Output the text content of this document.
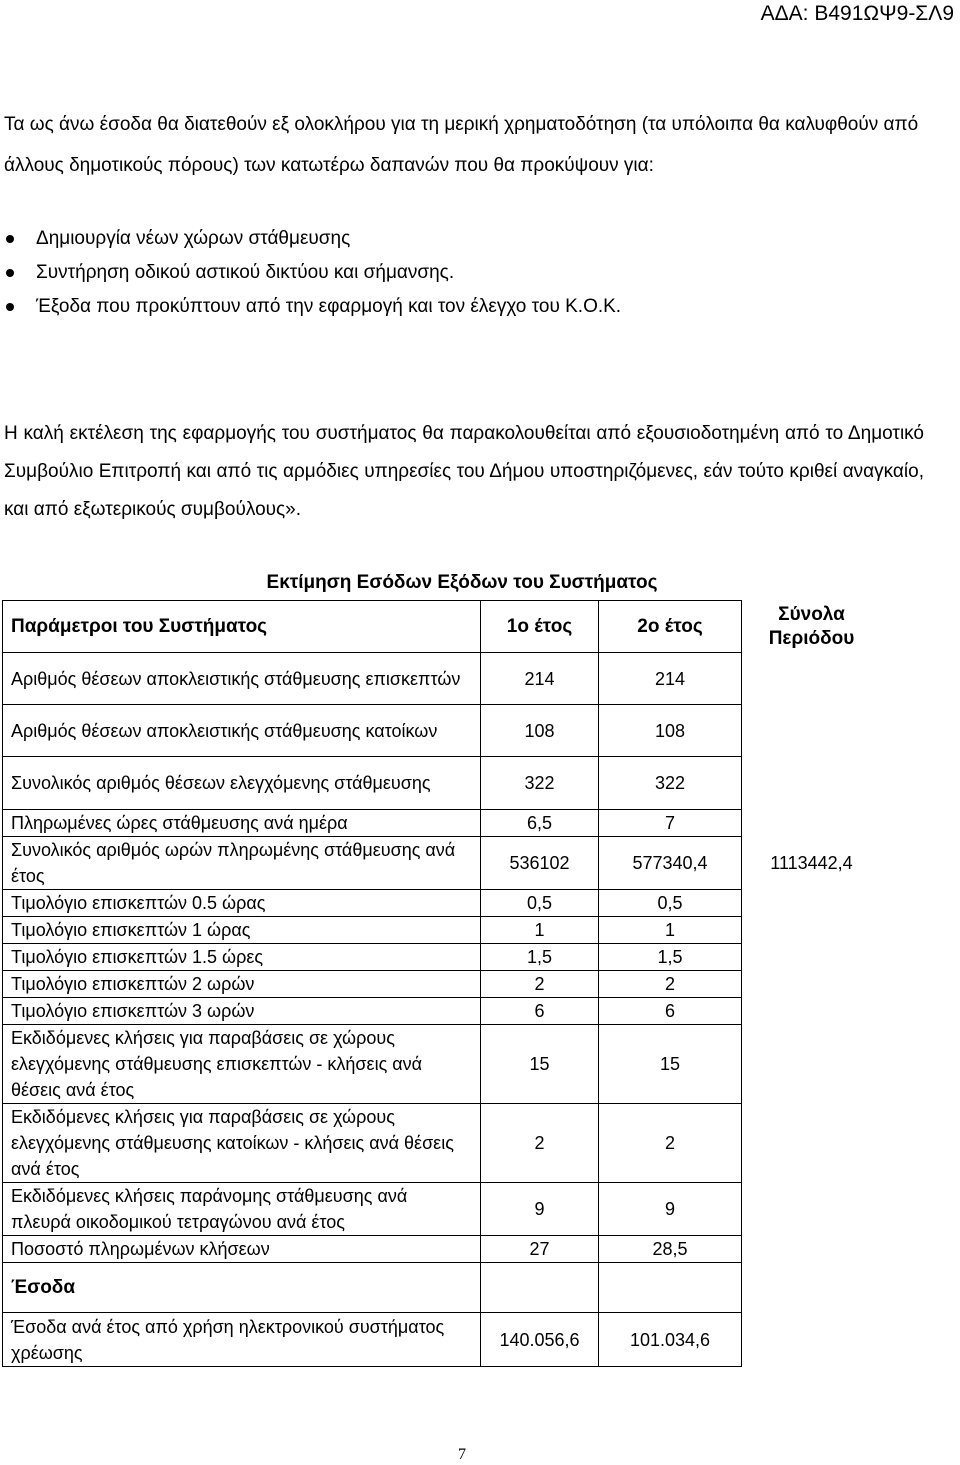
ΑΔΑ: Β491ΩΨ9-ΣΛ9

Τα ως άνω έσοδα θα διατεθούν εξ ολοκλήρου για τη μερική χρηματοδότηση (τα υπόλοιπα θα καλυφθούν από άλλους δημοτικούς πόρους) των κατωτέρω δαπανών που θα προκύψουν για:

Δημιουργία νέων χώρων στάθμευσης
Συντήρηση οδικού αστικού δικτύου και σήμανσης.
Έξοδα που προκύπτουν από την εφαρμογή και τον έλεγχο του Κ.Ο.Κ.

Η καλή εκτέλεση της εφαρμογής του συστήματος θα παρακολουθείται από εξουσιοδοτημένη από το Δημοτικό Συμβούλιο Επιτροπή και από τις αρμόδιες υπηρεσίες του Δήμου υποστηριζόμενες, εάν τούτο κριθεί αναγκαίο, και από εξωτερικούς συμβούλους».

Εκτίμηση Εσόδων Εξόδων του Συστήματος
Παράμετροι του Συστήματος	1ο έτος	2ο έτος	Σύνολα Περιόδου
Αριθμός θέσεων αποκλειστικής στάθμευσης επισκεπτών	214	214	
Αριθμός θέσεων αποκλειστικής στάθμευσης κατοίκων	108	108	
Συνολικός αριθμός θέσεων ελεγχόμενης στάθμευσης	322	322	
Πληρωμένες ώρες στάθμευσης ανά ημέρα	6,5	7	
Συνολικός αριθμός ωρών πληρωμένης στάθμευσης ανά έτος	536102	577340,4	1113442,4
Τιμολόγιο επισκεπτών 0.5 ώρας	0,5	0,5	
Τιμολόγιο επισκεπτών 1 ώρας	1	1	
Τιμολόγιο επισκεπτών 1.5 ώρες	1,5	1,5	
Τιμολόγιο επισκεπτών 2 ωρών	2	2	
Τιμολόγιο επισκεπτών 3 ωρών	6	6	
Εκδιδόμενες κλήσεις για παραβάσεις σε χώρους ελεγχόμενης στάθμευσης επισκεπτών - κλήσεις ανά θέσεις ανά έτος	15	15	
Εκδιδόμενες κλήσεις για παραβάσεις σε χώρους ελεγχόμενης στάθμευσης κατοίκων - κλήσεις ανά θέσεις ανά έτος	2	2	
Εκδιδόμενες κλήσεις παράνομης στάθμευσης ανά πλευρά οικοδομικού τετραγώνου ανά έτος	9	9	
Ποσοστό πληρωμένων κλήσεων	27	28,5	
Έσοδα			
Έσοδα ανά έτος από χρήση ηλεκτρονικού συστήματος χρέωσης	140.056,6	101.034,6	
7
